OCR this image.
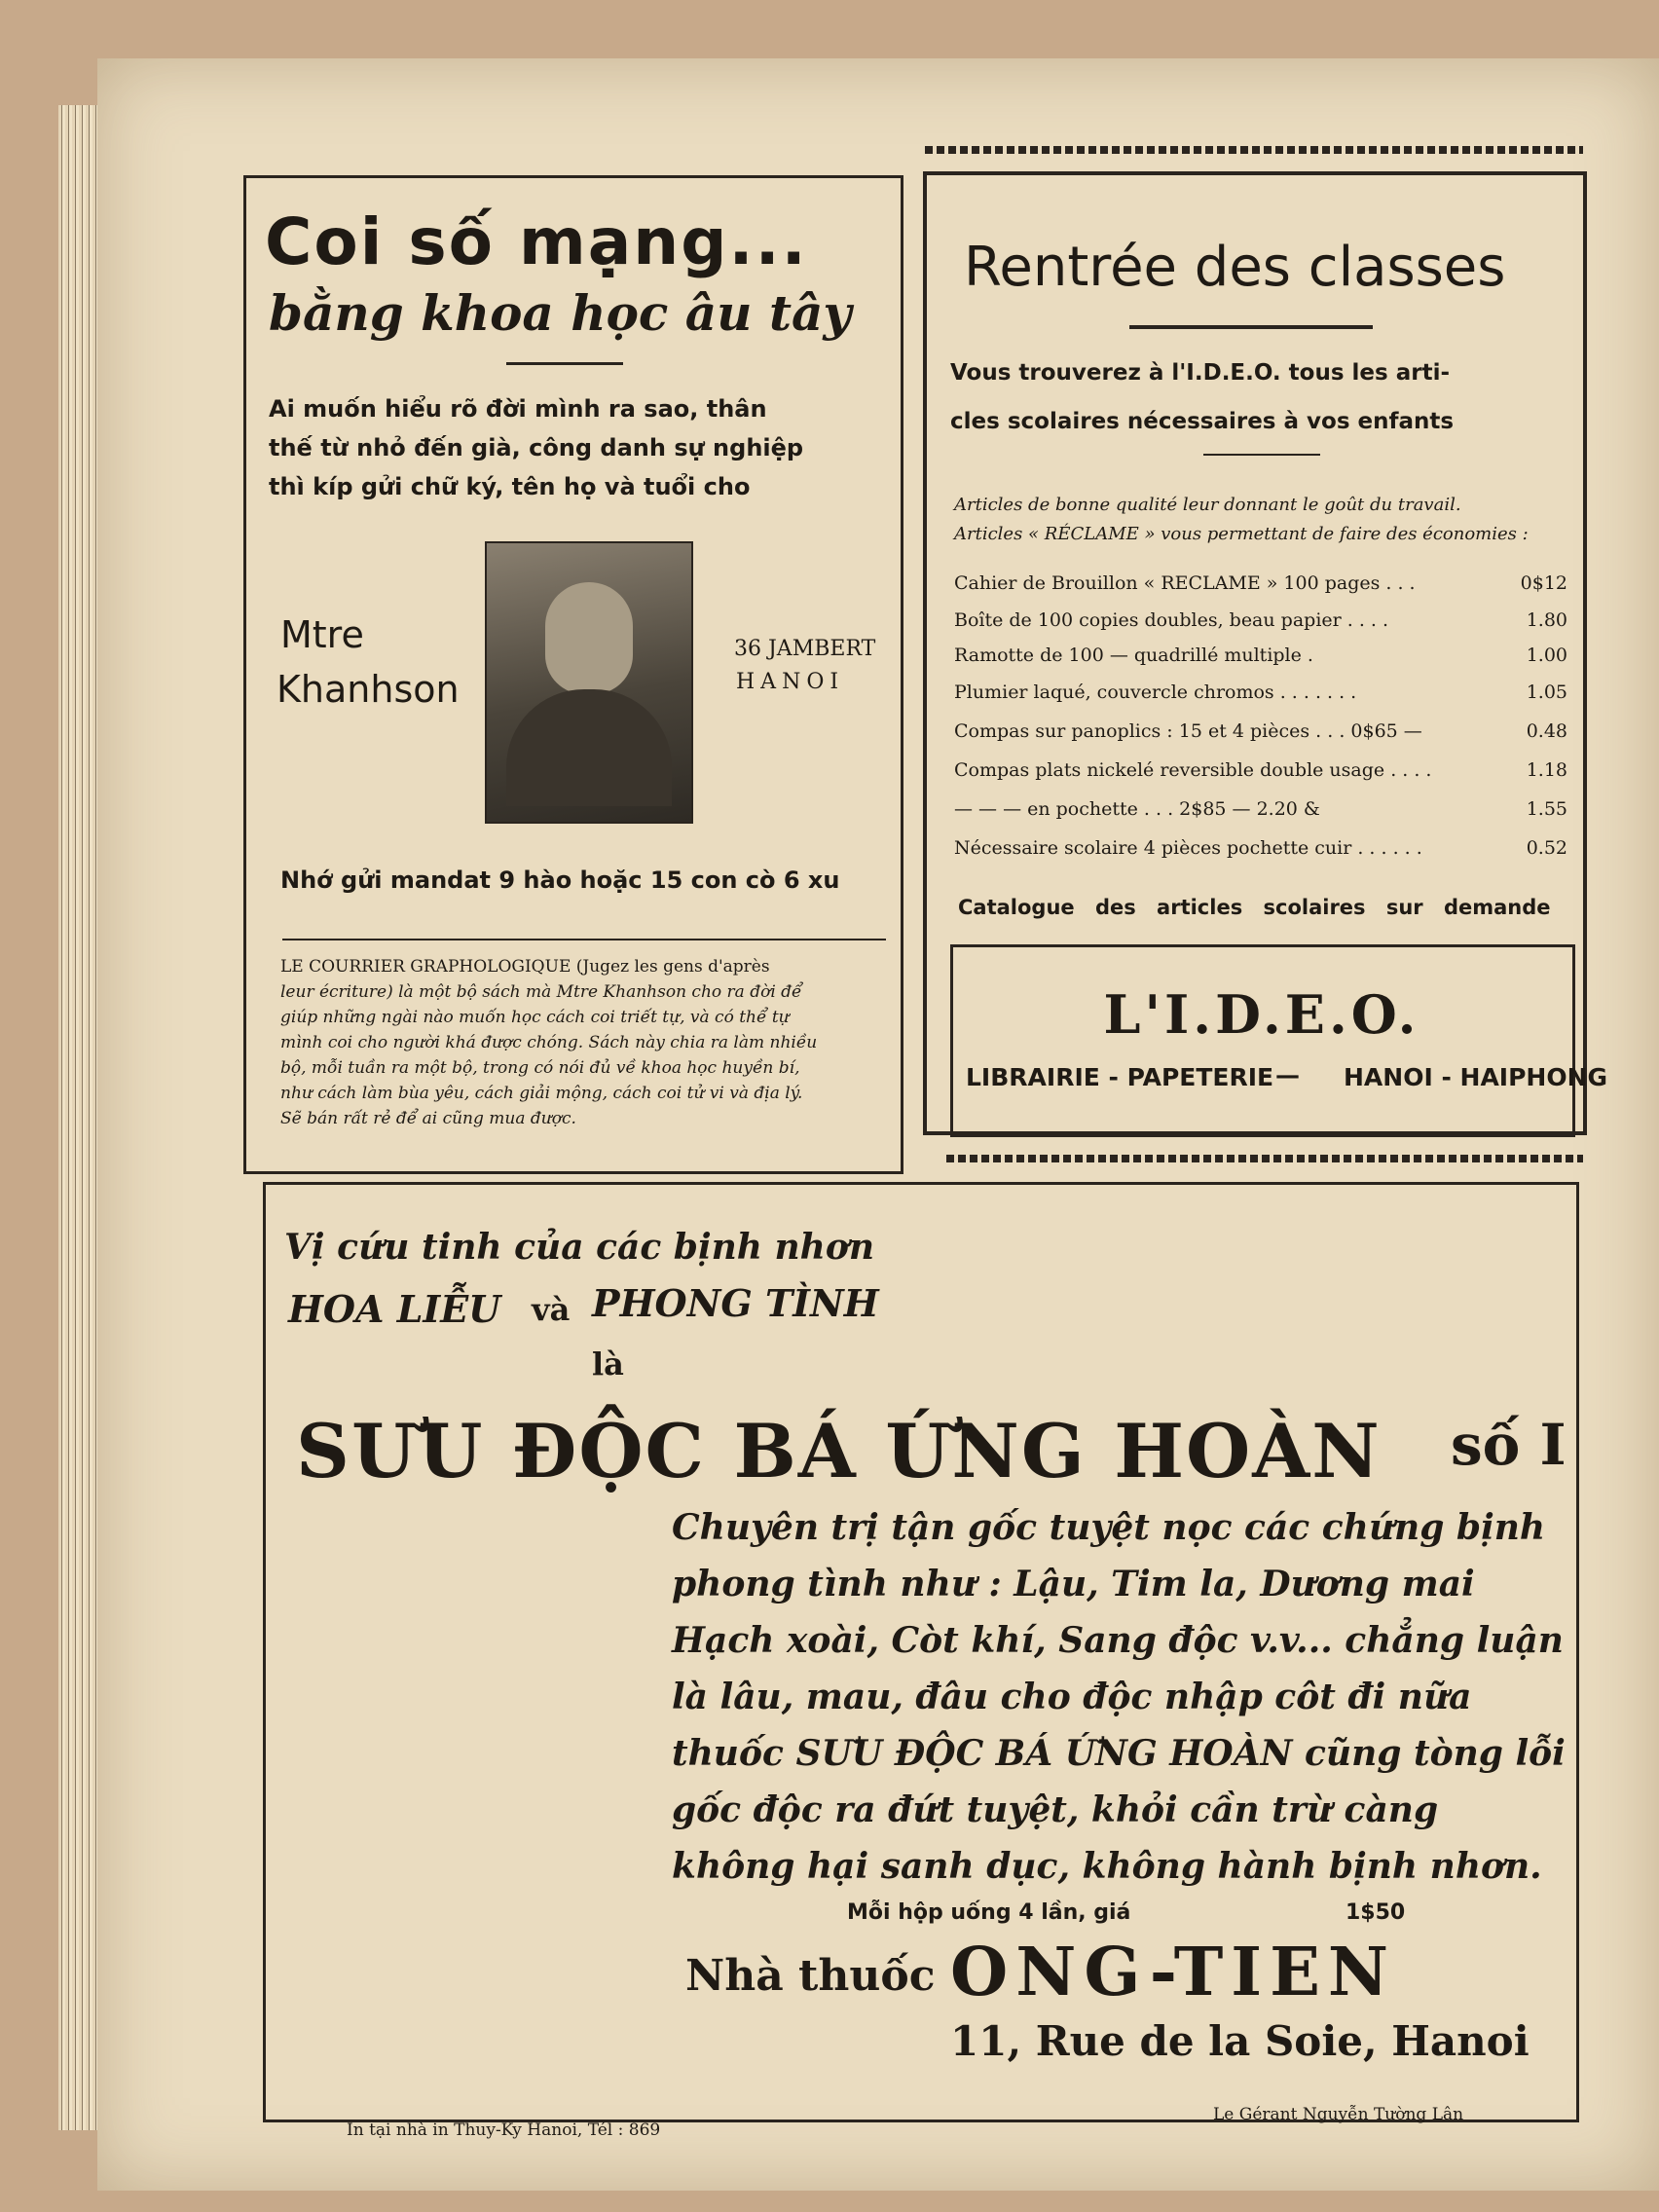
Coi số mạng...
bằng khoa học âu tây
Ai muốn hiểu rõ đời mình ra sao, thân
thế từ nhỏ đến già, công danh sự nghiệp
thì kíp gửi chữ ký, tên họ và tuổi cho
Mtre
Khanhson
36 JAMBERT
HANOI
Nhớ gửi mandat 9 hào hoặc 15 con cò 6 xu
LE COURRIER GRAPHOLOGIQUE (Jugez les gens d'après
leur écriture) là một bộ sách mà Mtre Khanhson cho ra đời để
giúp những ngài nào muốn học cách coi triết tự, và có thể tự
mình coi cho người khá được chóng. Sách này chia ra làm nhiều
bộ, mỗi tuần ra một bộ, trong có nói đủ về khoa học huyền bí,
như cách làm bùa yêu, cách giải mộng, cách coi tử vi và địa lý.
Sẽ bán rất rẻ để ai cũng mua được.
Rentrée des classes
Vous trouverez à l'I.D.E.O. tous les arti-
cles scolaires nécessaires à vos enfants
Articles de bonne qualité leur donnant le goût du travail.
Articles « RÉCLAME » vous permettant de faire des économies :
Cahier de Brouillon « RECLAME » 100 pages . . .	0$12
Boîte de 100 copies doubles, beau papier . . . .	1.80
Ramotte de 100 — quadrillé multiple .	1.00
Plumier laqué, couvercle chromos . . . . . . .	1.05
Compas sur panoplics : 15 et 4 pièces . . . 0$65 —	0.48
Compas plats nickelé reversible double usage . . . .	1.18
— — — en pochette . . . 2$85 — 2.20 &	1.55
Nécessaire scolaire 4 pièces pochette cuir . . . . . .	0.52
Catalogue des articles scolaires sur demande
L'I.D.E.O.
LIBRAIRIE - PAPETERIE — HANOI - HAIPHONG
Vị cứu tinh của các bịnh nhơn
HOA LIỄU và PHONG TÌNH
là
SƯU ĐỘC BÁ ỨNG HOÀN số I
Chuyên trị tận gốc tuyệt nọc các chứng bịnh
phong tình như : Lậu, Tim la, Dương mai
Hạch xoài, Còt khí, Sang độc v.v... chẳng luận
là lâu, mau, đâu cho độc nhập côt đi nữa
thuốc SƯU ĐỘC BÁ ỨNG HOÀN cũng tòng lỗi
gốc độc ra đứt tuyệt, khỏi cần trừ càng
không hại sanh dục, không hành bịnh nhơn.
Mỗi hộp uống 4 lần, giá	1$50
Nhà thuốc ONG-TIEN
11, Rue de la Soie, Hanoi
In tại nhà in Thuy-Ky Hanoi, Tél : 869
Le Gérant Nguyễn Tường Lân
